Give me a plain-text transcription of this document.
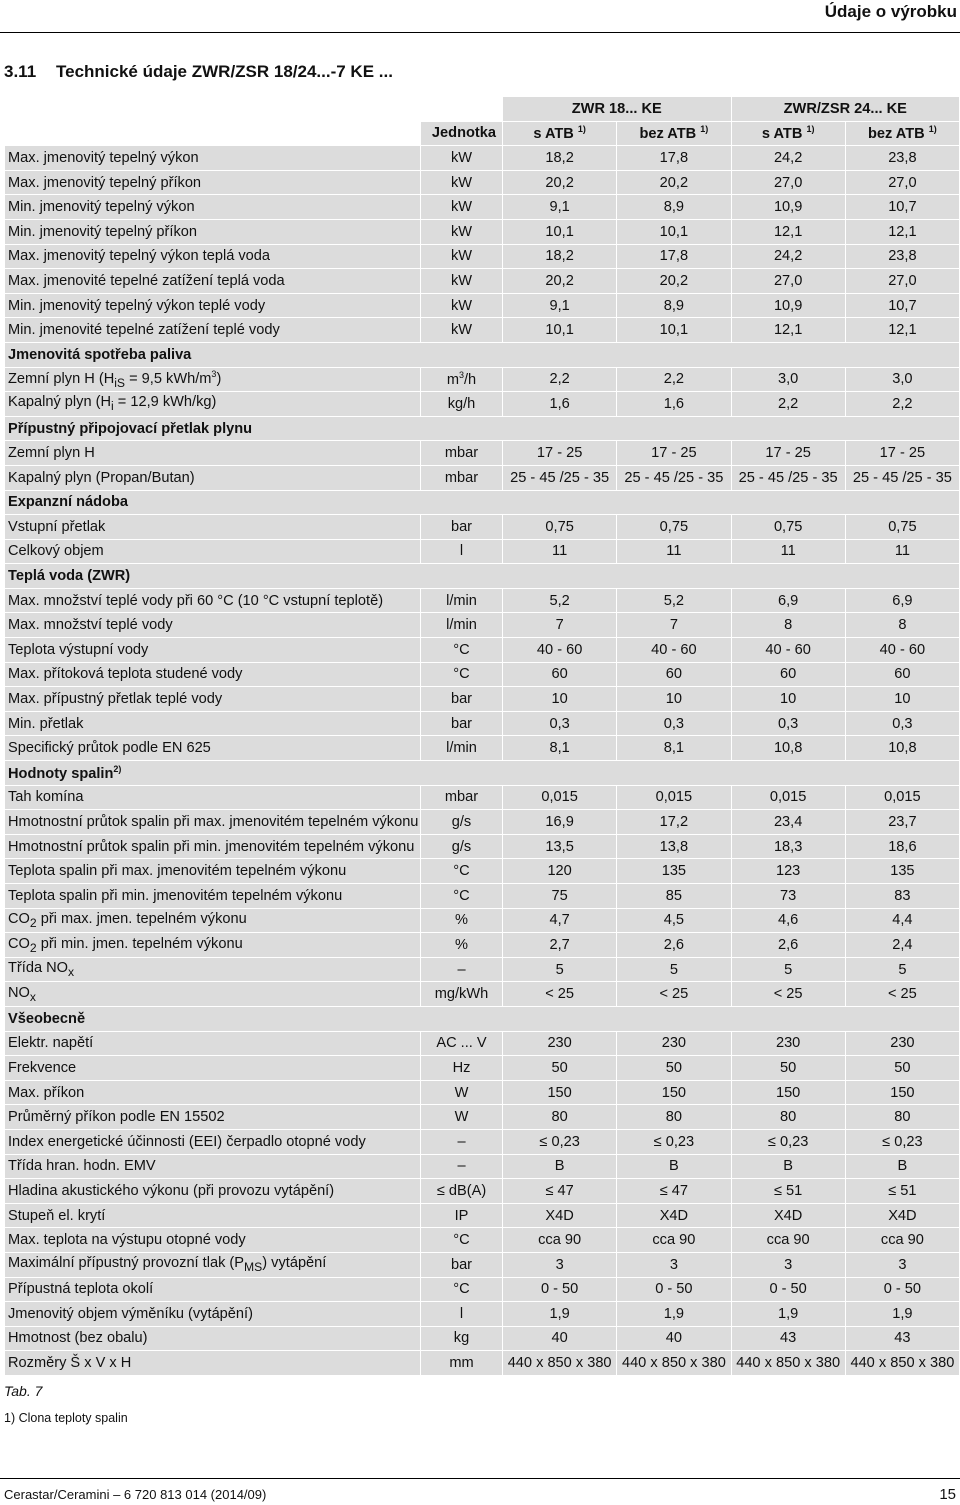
Údaje o výrobku
3.11 Technické údaje ZWR/ZSR 18/24...-7 KE ...
		ZWR 18... KE		ZWR/ZSR 24... KE	
	Jednotka	s ATB $^{1)}$	bez ATB $^{1)}$	s ATB $^{1)}$	bez ATB $^{1)}$
Max. jmenovitý tepelný výkon	kW	18,2	17,8	24,2	23,8
Max. jmenovitý tepelný příkon	kW	20,2	20,2	27,0	27,0
Min. jmenovitý tepelný výkon	kW	9,1	8,9	10,9	10,7
Min. jmenovitý tepelný příkon	kW	10,1	10,1	12,1	12,1
Max. jmenovitý tepelný výkon teplá voda	kW	18,2	17,8	24,2	23,8
Max. jmenovité tepelné zatížení teplá voda	kW	20,2	20,2	27,0	27,0
Min. jmenovitý tepelný výkon teplé vody	kW	9,1	8,9	10,9	10,7
Min. jmenovité tepelné zatížení teplé vody	kW	10,1	10,1	12,1	12,1
Jmenovitá spotřeba paliva					
Zemní plyn H ($H_{iS} = 9,5$ kWh/$m^3$)	$m^3/h$	2,2	2,2	3,0	3,0
Kapalný plyn ($H_i = 12,9$ kWh/kg)	kg/h	1,6	1,6	2,2	2,2
Přípustný připojovací přetlak plynu					
Zemní plyn H	mbar	17 - 25	17 - 25	17 - 25	17 - 25
Kapalný plyn (Propan/Butan)	mbar	25 - 45 /25 - 35	25 - 45 /25 - 35	25 - 45 /25 - 35	25 - 45 /25 - 35
Expanzní nádoba					
Vstupní přetlak	bar	0,75	0,75	0,75	0,75
Celkový objem	l	11	11	11	11
Teplá voda (ZWR)					
Max. množství teplé vody při 60 °C (10 °C vstupní teplotě)	l/min	5,2	5,2	6,9	6,9
Max. množství teplé vody	l/min	7	7	8	8
Teplota výstupní vody	°C	40 - 60	40 - 60	40 - 60	40 - 60
Max. přítoková teplota studené vody	°C	60	60	60	60
Max. přípustný přetlak teplé vody	bar	10	10	10	10
Min. přetlak	bar	0,3	0,3	0,3	0,3
Specifický průtok podle EN 625	l/min	8,1	8,1	10,8	10,8
Hodnoty spalin$^{2)}$
Tah komína	mbar	0,015	0,015	0,015	0,015
Hmotnostní průtok spalin při max. jmenovitém tepelném výkonu	g/s	16,9	17,2	23,4	23,7
Hmotnostní průtok spalin při min. jmenovitém tepelném výkonu	g/s	13,5	13,8	18,3	18,6
Teplota spalin při max. jmenovitém tepelném výkonu	°C	120	135	123	135
Teplota spalin při min. jmenovitém tepelném výkonu	°C	75	85	73	83
$CO_2$ při max. jmen. tepelném výkonu	%	4,7	4,5	4,6	4,4
$CO_2$ při min. jmen. tepelném výkonu	%	2,7	2,6	2,6	2,4
Třída $NO_x$	–	5	5	5	5
$NO_x$	mg/kWh	< 25	< 25	< 25	< 25
Všeobecně					
Elektr. napětí	AC ... V	230	230	230	230
Frekvence	Hz	50	50	50	50
Max. příkon	W	150	150	150	150
Průměrný příkon podle EN 15502	W	80	80	80	80
Index energetické účinnosti (EEI) čerpadlo otopné vody	–	≤ 0,23	≤ 0,23	≤ 0,23	≤ 0,23
Třída hran. hodn. EMV	–	B	B	B	B
Hladina akustického výkonu (při provozu vytápění)	≤ dB(A)	≤ 47	≤ 47	≤ 51	≤ 51
Stupeň el. krytí	IP	X4D	X4D	X4D	X4D
Max. teplota na výstupu otopné vody	°C	cca 90	cca 90	cca 90	cca 90
Maximální přípustný provozní tlak $(P_{MS})$ vytápění	bar	3	3	3	3
Přípustná teplota okolí	°C	0 - 50	0 - 50	0 - 50	0 - 50
Jmenovitý objem výměníku (vytápění)	l	1,9	1,9	1,9	1,9
Hmotnost (bez obalu)	kg	40	40	43	43
Rozměry Š x V x H	mm	440 x 850 x 380	440 x 850 x 380	440 x 850 x 380	440 x 850 x 380
Tab. 7
1) Clona teploty spalin
Cerastar/Ceramini – 6 720 813 014 (2014/09)	15
